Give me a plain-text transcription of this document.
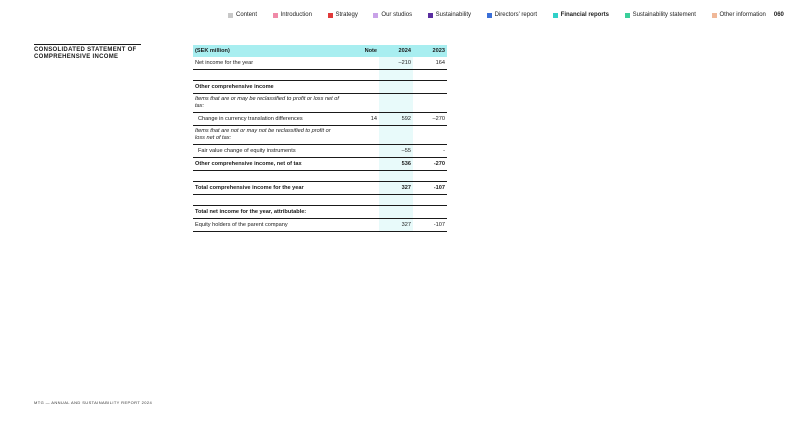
Content	Introduction	Strategy	Our studios	Sustainability	Directors' report	Financial reports	Sustainability statement	Other information 060
CONSOLIDATED STATEMENT OF COMPREHENSIVE INCOME
(SEK million)	Note	2024	2023
Net income for the year		–210	164

Other comprehensive income			
Items that are or may be reclassified to profit or loss net of tax:			
Change in currency translation differences	14	592	–270
Items that are not or may not be reclassified to profit or loss net of tax:			
Fair value change of equity instruments		–55	-
Other comprehensive income, net of tax		536	-270

Total comprehensive income for the year		327	-107

Total net income for the year, attributable:			
Equity holders of the parent company		327	-107
MTG — ANNUAL AND SUSTAINABILITY REPORT 2024
